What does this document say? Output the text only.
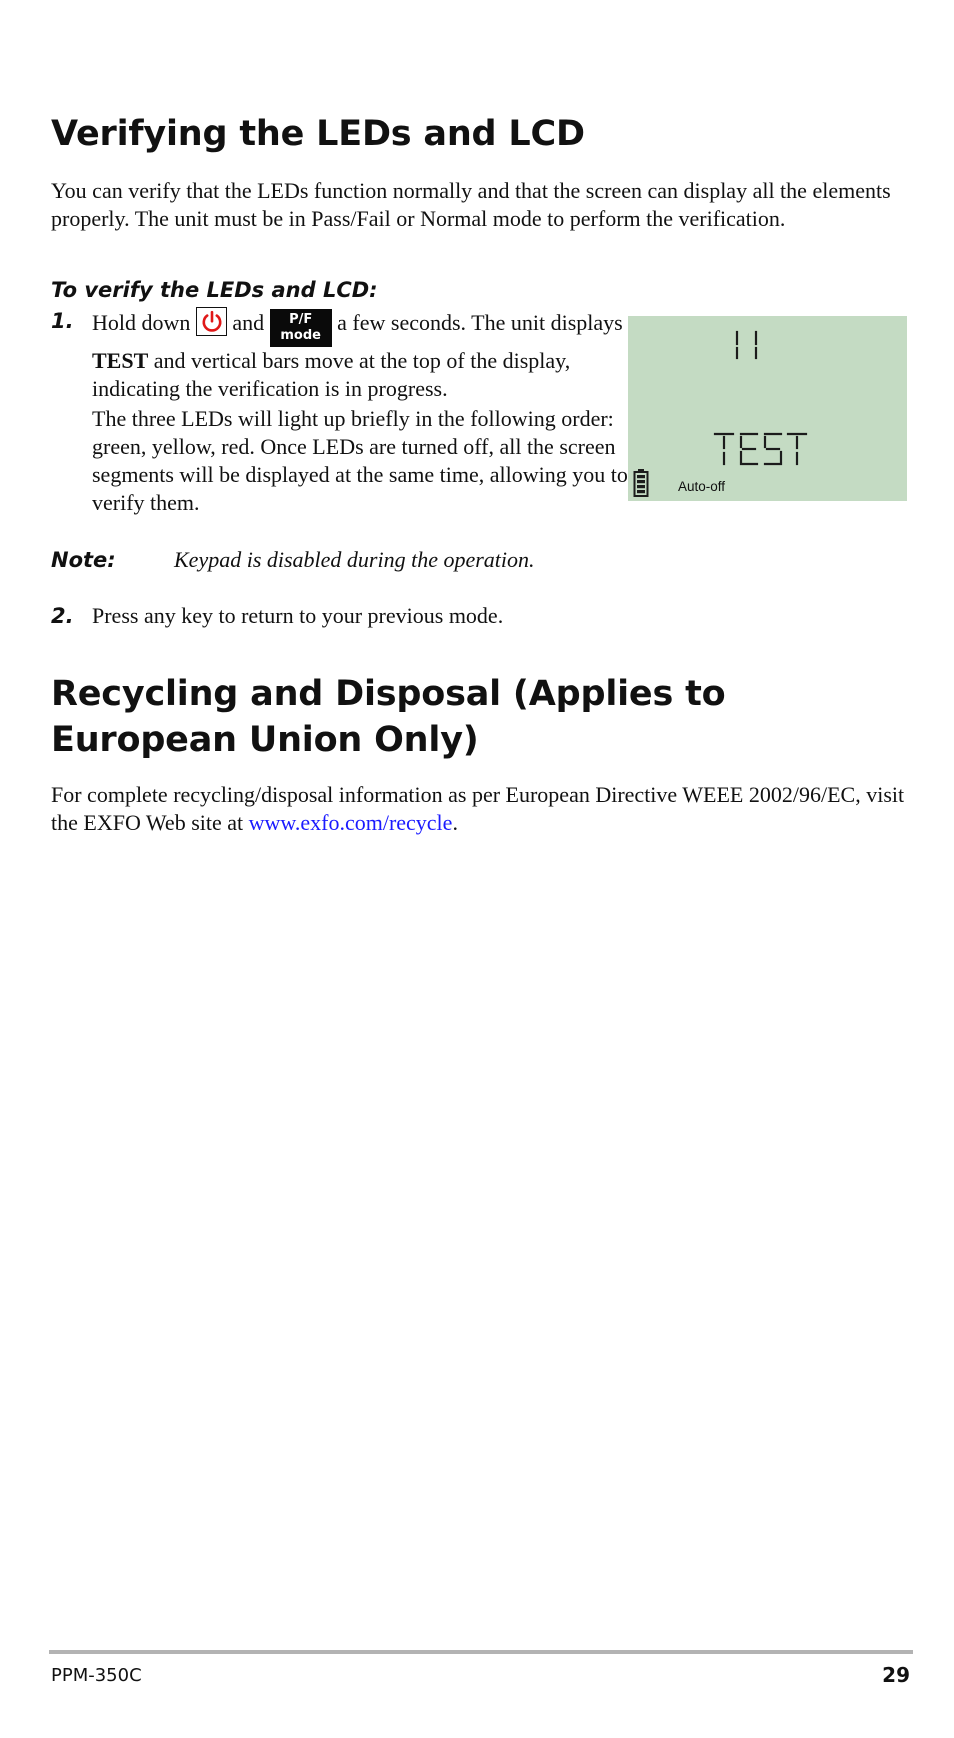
Verifying the LEDs and LCD

You can verify that the LEDs function normally and that the screen can display all the elements properly. The unit must be in Pass/Fail or Normal mode to perform the verification.

To verify the LEDs and LCD:

1. Hold down and	P/F
mode
a few seconds. The unit displays TEST and vertical bars move at the top of the display, indicating the verification is in progress.

The three LEDs will light up briefly in the following order: green, yellow, red. Once LEDs are turned off, all the screen segments will be displayed at the same time, allowing you to verify them.

Auto-off
Note:	Keypad is disabled during the operation.
2. Press any key to return to your previous mode.

Recycling and Disposal (Applies to European Union Only)

For complete recycling/disposal information as per European Directive WEEE 2002/96/EC, visit the EXFO Web site at www.exfo.com/recycle.

PPM-350C	29
